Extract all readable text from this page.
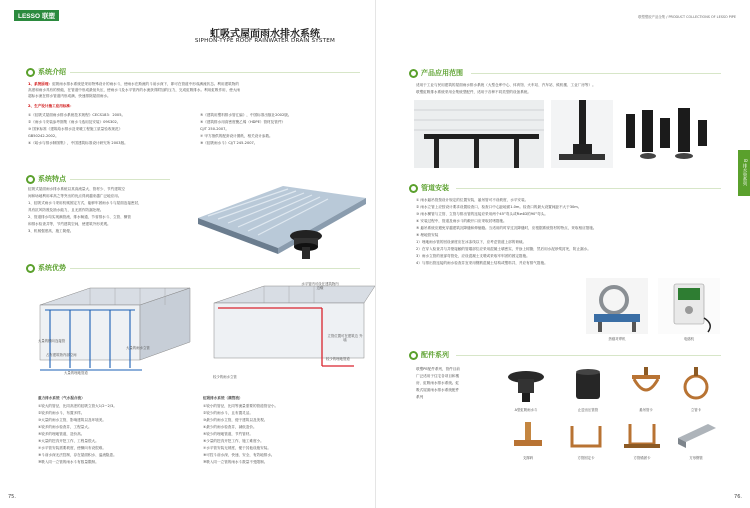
LESSO 联塑
虹吸式屋面雨水排水系统
SIPHON-TYPE ROOF RAINWATER DRAIN SYSTEM
系统介绍
1、系统原理：虹吸雨水排水系统是采用特殊设计的雨水斗，使雨水在斯流的斗前水深下，即可在管道中形成满流状态。利用建筑物的
高度和雨水具有的势能，在管道中形成最低负压，使雨水斗及水平管内的水流获得附加的压力，完成虹吸排水。利用虹吸作用，使大雨
超标水流在排水管道内形成满，快速排除屋面雨水。
2、生产设计施工应用标准：
①《虹吸式屋面雨水排水系统技术规程》CECS183：2005。
②《雨水斗安装参考图集《雨水斗选用及安装》09S302。
③ 国家标准《建筑给水排水及采暖工程施工质量验收规范》
GB50242-2002。
④《给水与排水制图集》，中国建筑标准设计研究所 2003版。
⑤《建筑用塑料排水管汇编》，中国标准出版社2002版。
⑥《建筑排水用高密度聚乙烯（HDPE）管材及管件》
CJ/T 250-2007。
⑦ 甲方指供的配套设计图纸，相关设计参数。
⑧《虹吸雨水斗》CJ/T 245-2007。
系统特点
虹吸式屋面雨水排水系统以其高流量大、管材少、节约建筑空
间和场地利用率高之等突出的优点得到越来越广泛地应用。
1、虹吸式雨水斗采用机械固定方式，能够牢固雨水斗与屋面连接密封，
具有抗风防涨及抽水能力，且无需作防漏处理。
2、管道排水均实现满管流，排水畅通，节省排水斗、立管、横管
和排水检查井等，节约建筑空间，使建筑外形美观。
3、机械强度高，施工简便。
系统优势
大量的横向连接管
占有建筑物内部空间
大量的雨水立管
大量的埋地管道
水平管内可设在建筑物内边缘
较少的雨水立管
立管位置可在建筑边 外墙
较少的埋地管道
重力排水系统（气水混合流）
①较大的管径，比同高差的虹吸立管大1/2~2/3。
②较多的雨水斗，布置多样。
③大量的雨水立管，影响建筑以及环境美。
④较多的雨水检查井，工程量大。
⑤较多的埋地管道，造价高。
⑥大量的挖沟开挖工作，工程量很大。
⑦水平管安装需要坡度，使横向布设很难。
⑧斗前水深无法控制，存在屋面积水、溢流隐患。
⑨吸入同一立管的雨水斗有数量限制。
虹吸排水系统（满管流）
①较小的管径，比同等流量需要的管道管径小。
②较少的雨水斗，且布置灵活。
③最少的雨水立管，便于建筑以及美观。
④最少的雨水检查井，减低造价。
⑤较少的埋地管道，节约管材。
⑥少量的挖沟开挖工作，施工难度小。
⑦水平管安装无坡度，便于其他设施安装。
⑧可控斗前水深，快速、安全，有效地排水。
⑨吸入同一立管的雨水斗数量不受限制。
75.
联塑塑胶产品全集 / PRODUCT COLLECTIONS OF LESSO PIPE
B 排水管系列
产品应用范围
适用于工业与民用建筑的屋面雨水排水系统（大型仓库中心、体育馆、火车站、汽车站、候机楼、工业厂房等）。
联塑虹吸排水系统采用全集统型配件，适用于各种不同类型的设备系统。
管道安装
① 雨水悬吊管按设计规定的位置安装，悬吊管可不设坡度，水平安装。
② 雨水立管上应按设计要求设置检查口，检查口中心距地面1.0m。检查口的最大设置间距不大于30m。
③ 雨水横管与立管、立管与排出管的连接应采用两个45°弯头或R≥4D的90°弯头。
④ 安装过程中，管道及雨水斗的敞开口应采取封堵措施。
⑤ 悬吊系统应避免穿越建筑沉降缝和伸缩缝。当适用的时穿过沉降缝时，应根据系统管材的特点，采取相应措施。
⑥ 埋地管安装
1）埋地雨水管的回设深度应在冰冻线以下，应考虑管道上部的荷载。
2）在穿入检查井与井壁接触的管端部位应采用混凝土填密实，并涂上树脂，然后用水泥砂浆封死，防止漏水。
3）雨水立管的底部弯管处，应设混凝土支墩或采取牢牢固的固定措施。
4）与排出管连接的雨水检查井宜采用钢筋混凝土结构或塑料井，并应有排气措施。
热熔对焊机	电熔机
配件系列
联塑PE配件系列，管件目前
广泛适用于住宅各项目和楼
房、虹吸雨水排水系统。虹
吸式屋面雨水排水系统配件
系列
A型虹吸雨水斗	止逆出压管管	悬吊管卡	立管卡
支撑码	方管固定卡	方管锚固卡	方形钢管
76.
